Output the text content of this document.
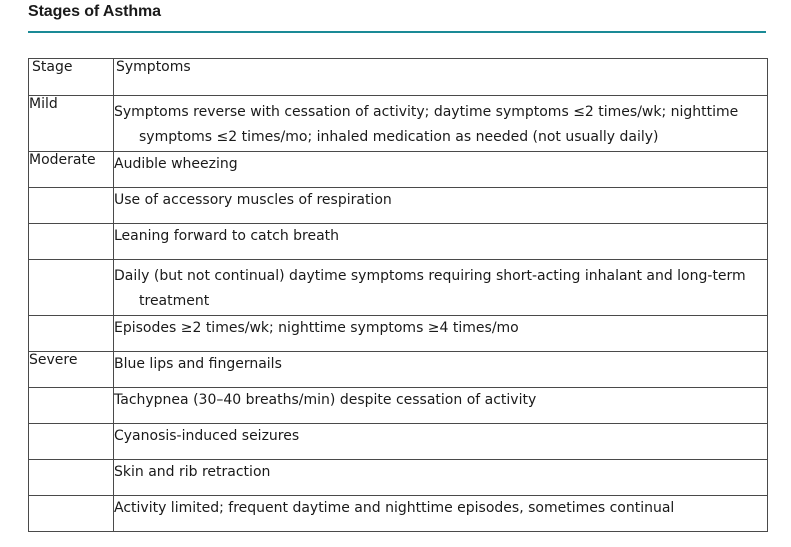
Stages of Asthma
Stage	Symptoms
Mild	Symptoms reverse with cessation of activity; daytime symptoms ≤2 times/wk; nighttime symptoms ≤2 times/mo; inhaled medication as needed (not usually daily)

Moderate	Audible wheezing
	Use of accessory muscles of respiration
	Leaning forward to catch breath

	Daily (but not continual) daytime symptoms requiring short-acting inhalant and long-term treatment

	Episodes ≥2 times/wk; nighttime symptoms ≥4 times/mo
Severe	Blue lips and fingernails
	Tachypnea (30–40 breaths/min) despite cessation of activity
	Cyanosis-induced seizures
	Skin and rib retraction
	Activity limited; frequent daytime and nighttime episodes, sometimes continual
